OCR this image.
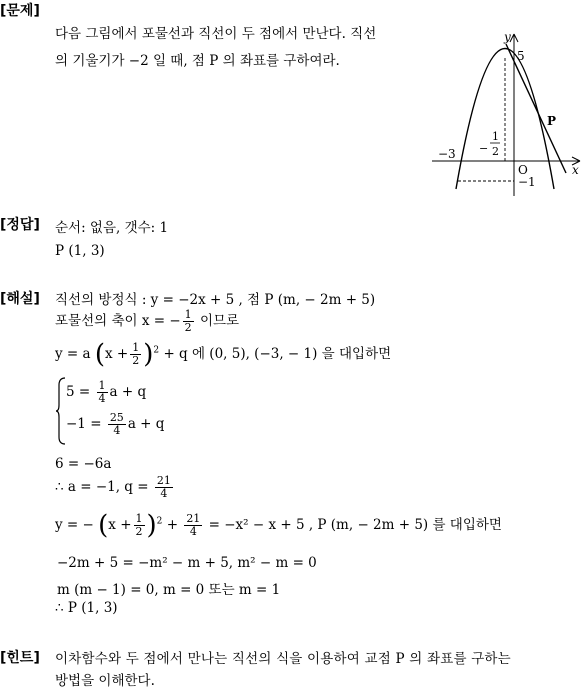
[문제]
다음 그림에서 포물선과 직선이 두 점에서 만난다. 직선
의 기울기가 −2 일 때, 점 P 의 좌표를 구하여라.
y
x
5
−3
O
−1
P
−
1
2
[정답] 순서: 없음, 갯수: 1
P (1, 3)
[해설] 직선의 방정식 : y = −2x + 5 , 점 P (m, − 2m + 5)
포물선의 축이 x = − $\frac{1}{2}$ 이므로
y = a $(x + \frac{1}{2} )^2 + q$ 에 (0, 5), (−3, − 1) 을 대입하면
$5 = \frac{1}{4}$ a + q
$-1 = \frac{25}{4}$ a + q
6 = −6a
∴ a = −1, $q = \frac{21}{4}$
y = − $(x + \frac{1}{2} )^2 + \frac{21}{4} = -x^2 - x + 5$ , P (m, − 2m + 5) 를 대입하면
−2m + 5 = −m² − m + 5, m² − m = 0
m (m − 1) = 0, m = 0 또는 m = 1
∴ P (1, 3)
[힌트] 이차함수와 두 점에서 만나는 직선의 식을 이용하여 교점 P 의 좌표를 구하는
방법을 이해한다.
